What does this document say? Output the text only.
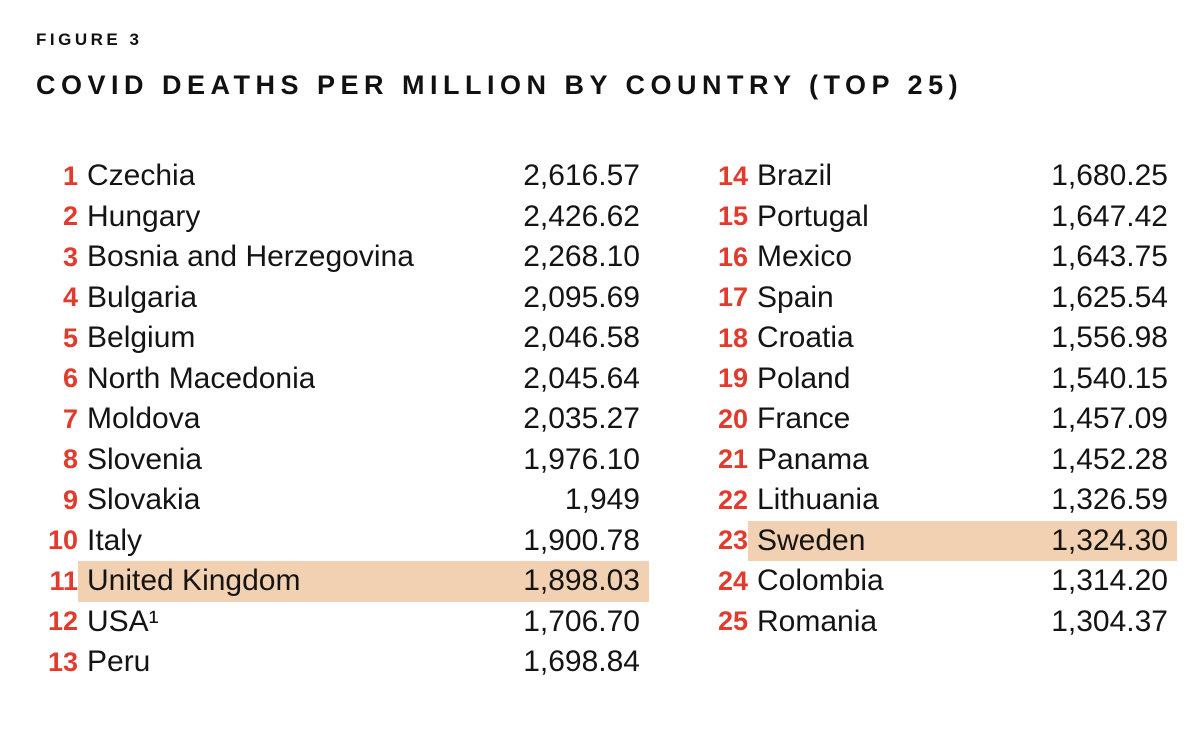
FIGURE 3
COVID DEATHS PER MILLION BY COUNTRY (TOP 25)
1 Czechia	2,616.57
2 Hungary	2,426.62
3 Bosnia and Herzegovina	2,268.10
4 Bulgaria	2,095.69
5 Belgium	2,046.58
6 North Macedonia	2,045.64
7 Moldova	2,035.27
8 Slovenia	1,976.10
9 Slovakia	1,949
10 Italy	1,900.78
11 United Kingdom	1,898.03
12 USA¹	1,706.70
13 Peru	1,698.84
14 Brazil	1,680.25
15 Portugal	1,647.42
16 Mexico	1,643.75
17 Spain	1,625.54
18 Croatia	1,556.98
19 Poland	1,540.15
20 France	1,457.09
21 Panama	1,452.28
22 Lithuania	1,326.59
23 Sweden	1,324.30
24 Colombia	1,314.20
25 Romania	1,304.37
